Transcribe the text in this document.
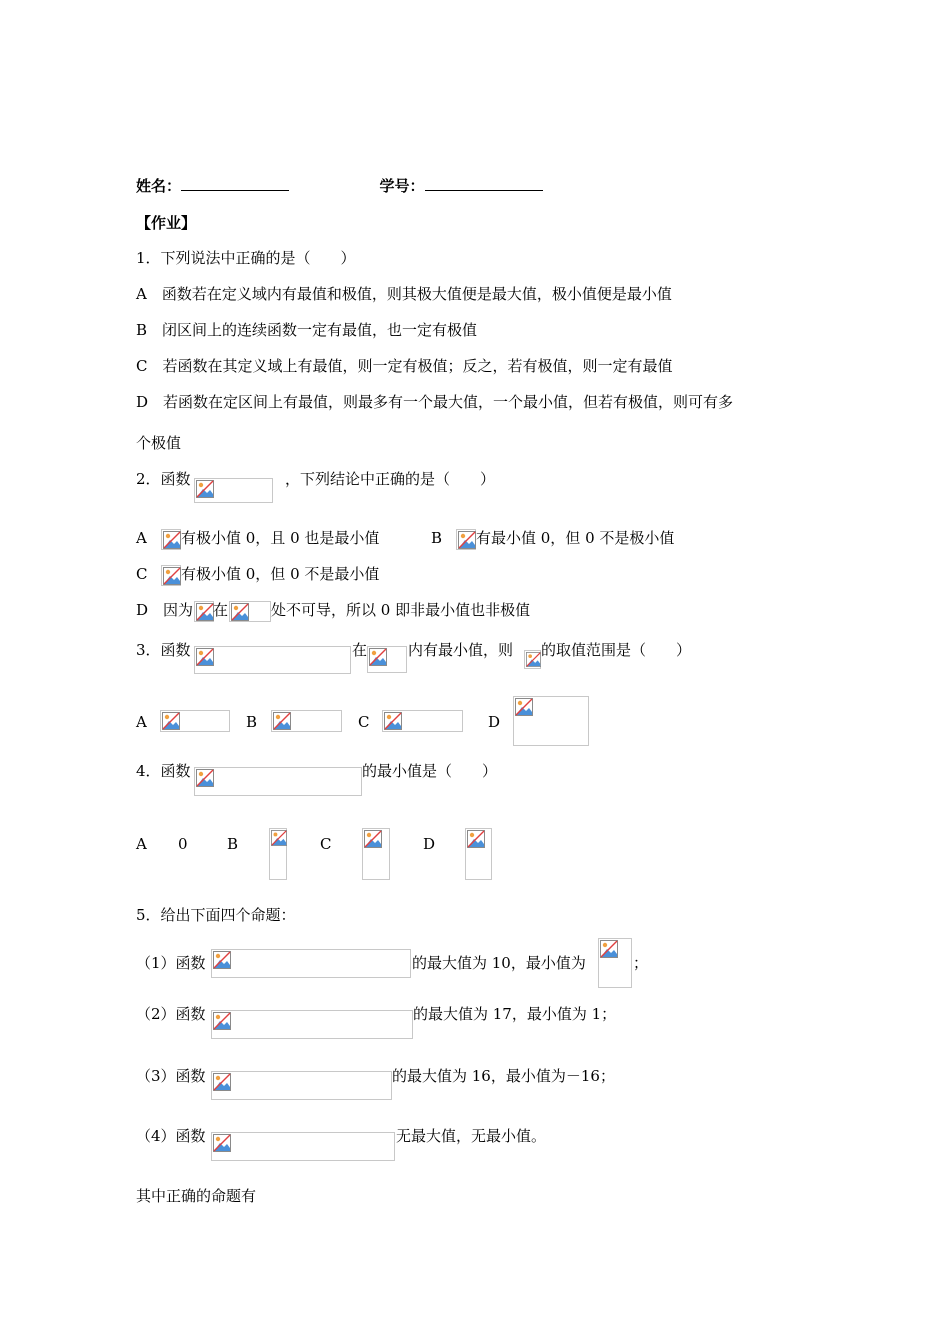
姓名：	学号：
【作业】
1．下列说法中正确的是（　　）
A　函数若在定义域内有最值和极值，则其极大值便是最大值，极小值便是最小值
B　闭区间上的连续函数一定有最值，也一定有极值
C　若函数在其定义域上有最值，则一定有极值；反之，若有极值，则一定有最值
D　若函数在定区间上有最值，则最多有一个最大值，一个最小值，但若有极值，则可有多
个极值
2．函数	，下列结论中正确的是（　　）
A 有极小值 0，且 0 也是最小值	B 有最小值 0，但 0 不是极小值
C 有极小值 0，但 0 不是最小值
D　因为 在	处不可导，所以 0 即非最小值也非极值
3．函数	在	内有最小值，则 的取值范围是（　　）
A	B	C	D
4．函数	的最小值是（　　）
A 0	B	C	D
5．给出下面四个命题：
（1）函数	的最大值为 10，最小值为	；
（2）函数	的最大值为 17，最小值为 1；
（3）函数	的最大值为 16，最小值为－16；
（4）函数	无最大值，无最小值。
其中正确的命题有
